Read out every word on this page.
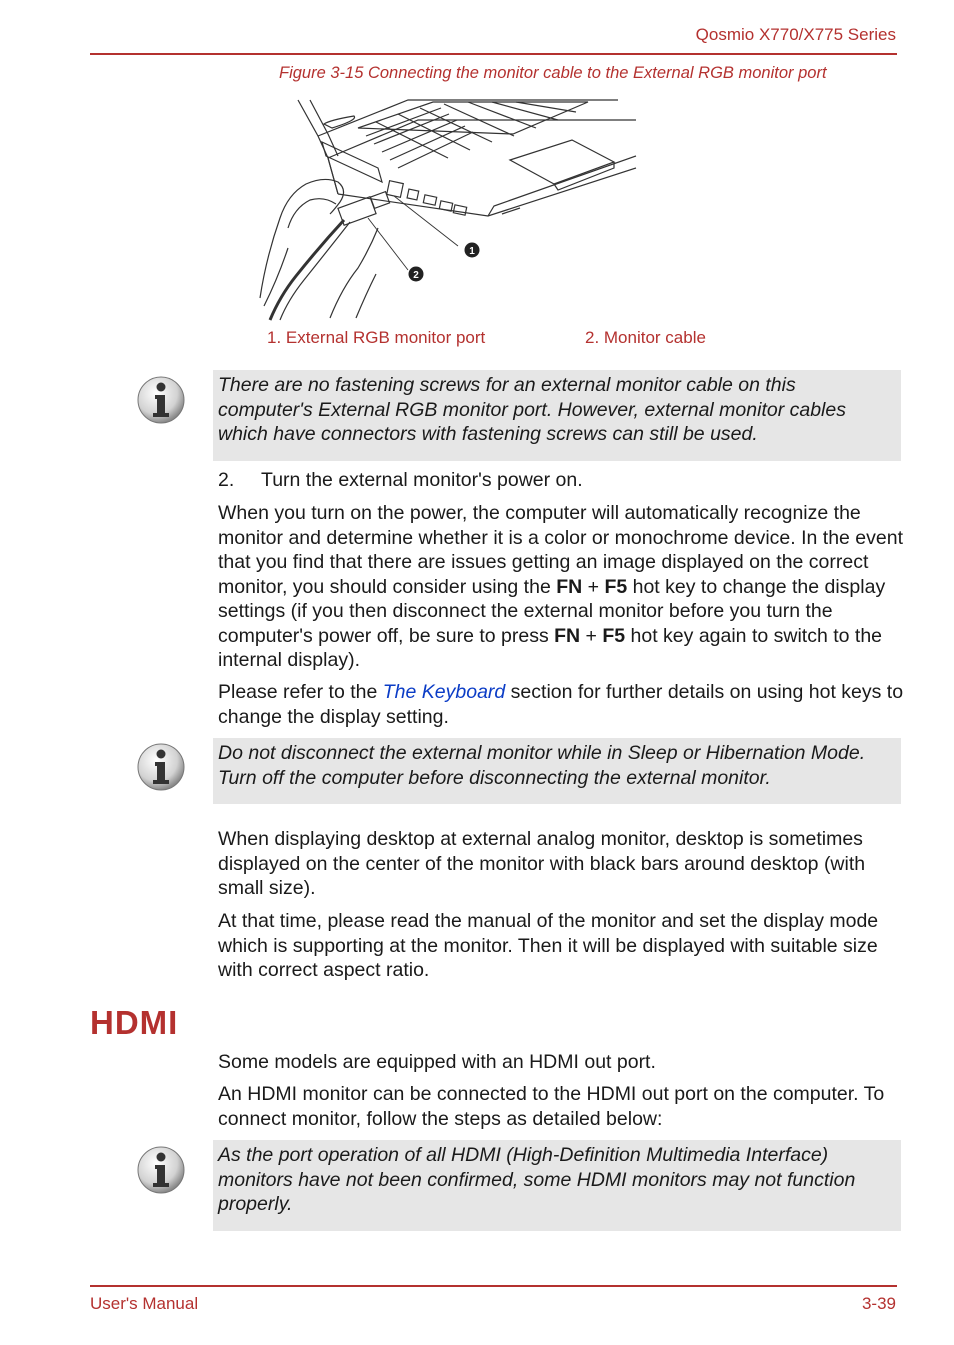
Qosmio X770/X775 Series
Figure 3-15 Connecting the monitor cable to the External RGB monitor port
1
2
1. External RGB monitor port	2. Monitor cable
There are no fastening screws for an external monitor cable on this computer's External RGB monitor port. However, external monitor cables which have connectors with fastening screws can still be used.
2. Turn the external monitor's power on.
When you turn on the power, the computer will automatically recognize the monitor and determine whether it is a color or monochrome device. In the event that you find that there are issues getting an image displayed on the correct monitor, you should consider using the FN + F5 hot key to change the display settings (if you then disconnect the external monitor before you turn the computer's power off, be sure to press FN + F5 hot key again to switch to the internal display).
Please refer to the The Keyboard section for further details on using hot keys to change the display setting.
Do not disconnect the external monitor while in Sleep or Hibernation Mode. Turn off the computer before disconnecting the external monitor.
When displaying desktop at external analog monitor, desktop is sometimes displayed on the center of the monitor with black bars around desktop (with small size).
At that time, please read the manual of the monitor and set the display mode which is supporting at the monitor. Then it will be displayed with suitable size with correct aspect ratio.
HDMI
Some models are equipped with an HDMI out port.
An HDMI monitor can be connected to the HDMI out port on the computer. To connect monitor, follow the steps as detailed below:
As the port operation of all HDMI (High-Definition Multimedia Interface) monitors have not been confirmed, some HDMI monitors may not function properly.
User's Manual	3-39
